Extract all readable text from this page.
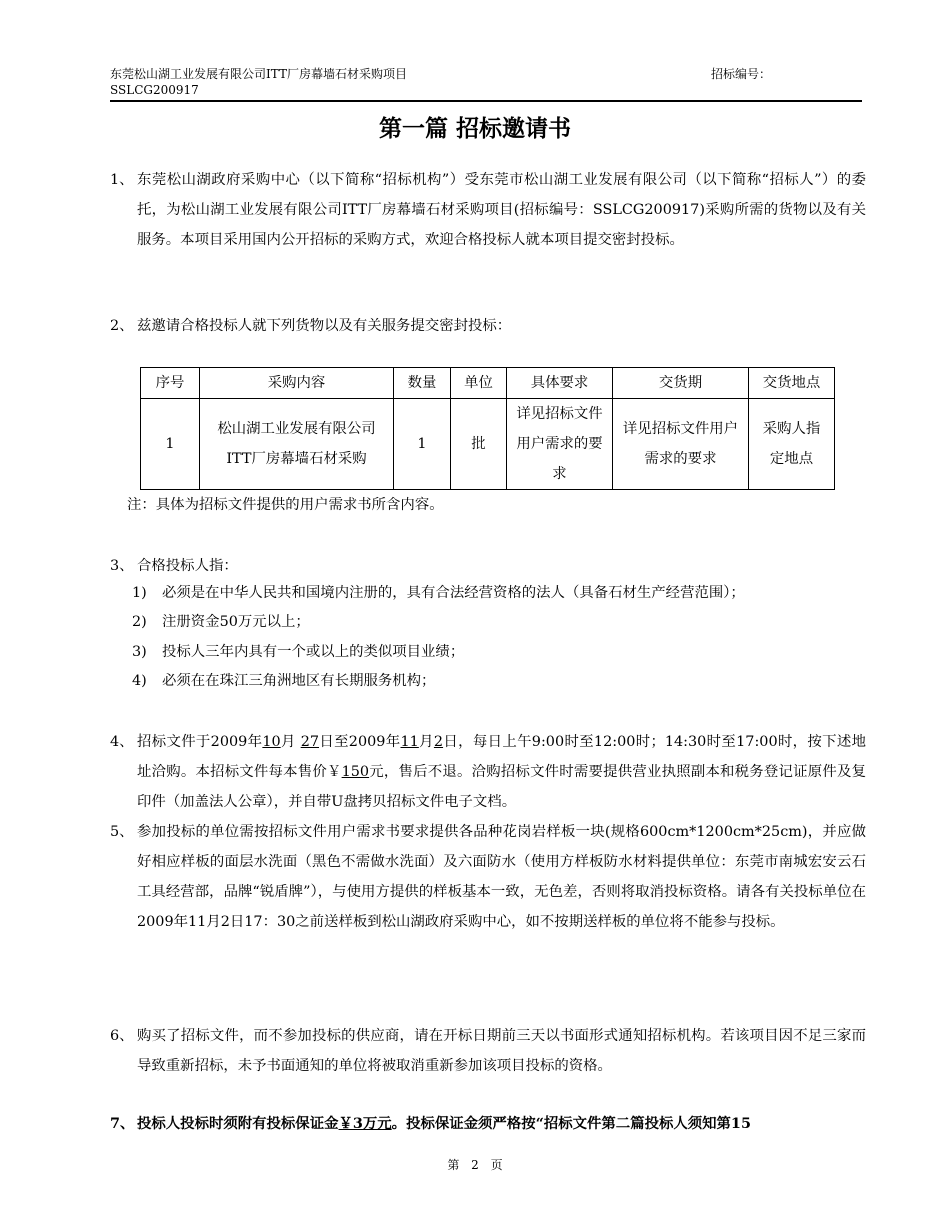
东莞松山湖工业发展有限公司ITT厂房幕墙石材采购项目	招标编号：

SSLCG200917
第一篇 招标邀请书
1、 东莞松山湖政府采购中心（以下简称“招标机构”）受东莞市松山湖工业发展有限公司（以下简称“招标人”）的委托，为松山湖工业发展有限公司ITT厂房幕墙石材采购项目(招标编号：SSLCG200917)采购所需的货物以及有关服务。本项目采用国内公开招标的采购方式，欢迎合格投标人就本项目提交密封投标。
2、 兹邀请合格投标人就下列货物以及有关服务提交密封投标：
序号	采购内容	数量	单位	具体要求	交货期	交货地点
1	松山湖工业发展有限公司ITT厂房幕墙石材采购	1	批	详见招标文件用户需求的要求	详见招标文件用户需求的要求	采购人指定地点
注：具体为招标文件提供的用户需求书所含内容。
3、 合格投标人指：
1) 必须是在中华人民共和国境内注册的，具有合法经营资格的法人（具备石材生产经营范围）；
2) 注册资金50万元以上；
3) 投标人三年内具有一个或以上的类似项目业绩；
4) 必须在在珠江三角洲地区有长期服务机构；
4、 招标文件于2009年10月 27日至2009年11月2日，每日上午9:00时至12:00时；14:30时至17:00时，按下述地址洽购。本招标文件每本售价￥150元，售后不退。洽购招标文件时需要提供营业执照副本和税务登记证原件及复印件（加盖法人公章），并自带U盘拷贝招标文件电子文档。
5、 参加投标的单位需按招标文件用户需求书要求提供各品种花岗岩样板一块(规格600cm*1200cm*25cm)，并应做好相应样板的面层水洗面（黑色不需做水洗面）及六面防水（使用方样板防水材料提供单位：东莞市南城宏安云石工具经营部，品牌“锐盾牌”），与使用方提供的样板基本一致，无色差，否则将取消投标资格。请各有关投标单位在2009年11月2日17：30之前送样板到松山湖政府采购中心，如不按期送样板的单位将不能参与投标。
6、 购买了招标文件，而不参加投标的供应商，请在开标日期前三天以书面形式通知招标机构。若该项目因不足三家而导致重新招标，未予书面通知的单位将被取消重新参加该项目投标的资格。
7、 投标人投标时须附有投标保证金￥3万元。投标保证金须严格按“招标文件第二篇投标人须知第15
第 2 页
